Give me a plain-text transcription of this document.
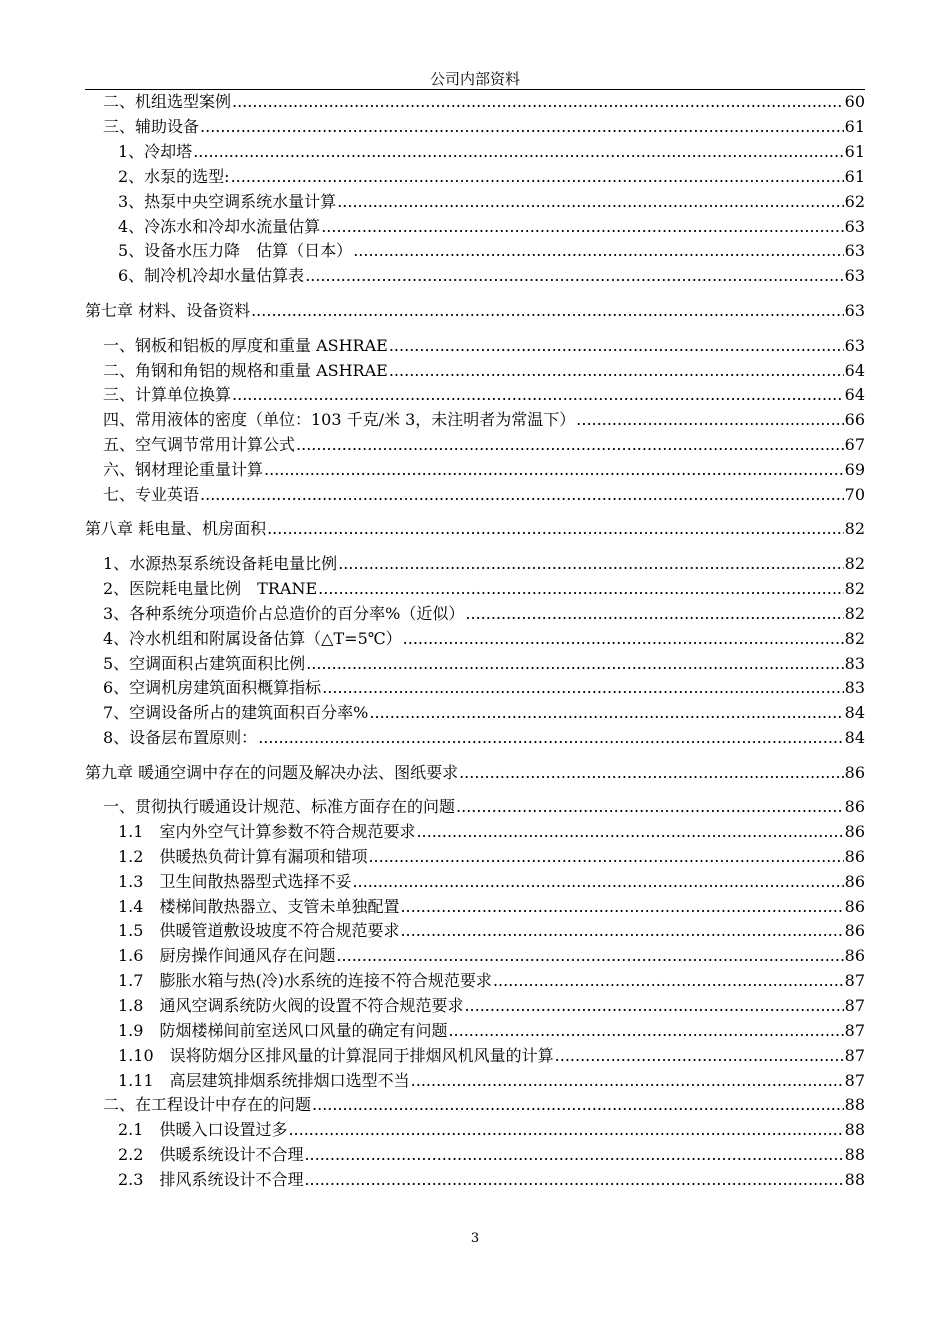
公司内部资料
二、机组选型案例 .....	60
三、辅助设备 .....	61
1、冷却塔 .....	61
2、水泵的选型: .....	61
3、热泵中央空调系统水量计算 .....	62
4、冷冻水和冷却水流量估算 .....	63
5、设备水压力降　估算（日本） .....	63
6、制冷机冷却水量估算表 .....	63
第七章 材料、设备资料 .....	63
一、钢板和铝板的厚度和重量 ASHRAE .....	63
二、角钢和角铝的规格和重量 ASHRAE .....	64
三、计算单位换算 .....	64
四、常用液体的密度（单位：103 千克/米 3，未注明者为常温下） .....	66
五、空气调节常用计算公式 .....	67
六、钢材理论重量计算 .....	69
七、专业英语 .....	70
第八章 耗电量、机房面积 .....	82
1、水源热泵系统设备耗电量比例 .....	82
2、医院耗电量比例　TRANE .....	82
3、各种系统分项造价占总造价的百分率%（近似） .....	82
4、冷水机组和附属设备估算（△T=5℃） .....	82
5、空调面积占建筑面积比例 .....	83
6、空调机房建筑面积概算指标 .....	83
7、空调设备所占的建筑面积百分率% .....	84
8、设备层布置原则： .....	84
第九章 暖通空调中存在的问题及解决办法、图纸要求 .....	86
一、贯彻执行暖通设计规范、标准方面存在的问题 .....	86
1.1　室内外空气计算参数不符合规范要求 .....	86
1.2　供暖热负荷计算有漏项和错项 .....	86
1.3　卫生间散热器型式选择不妥 .....	86
1.4　楼梯间散热器立、支管未单独配置 .....	86
1.5　供暖管道敷设坡度不符合规范要求 .....	86
1.6　厨房操作间通风存在问题 .....	86
1.7　膨胀水箱与热(冷)水系统的连接不符合规范要求 .....	87
1.8　通风空调系统防火阀的设置不符合规范要求 .....	87
1.9　防烟楼梯间前室送风口风量的确定有问题 .....	87
1.10　误将防烟分区排风量的计算混同于排烟风机风量的计算 .....	87
1.11　高层建筑排烟系统排烟口选型不当 .....	87
二、在工程设计中存在的问题 .....	88
2.1　供暖入口设置过多 .....	88
2.2　供暖系统设计不合理 .....	88
2.3　排风系统设计不合理 .....	88
3
